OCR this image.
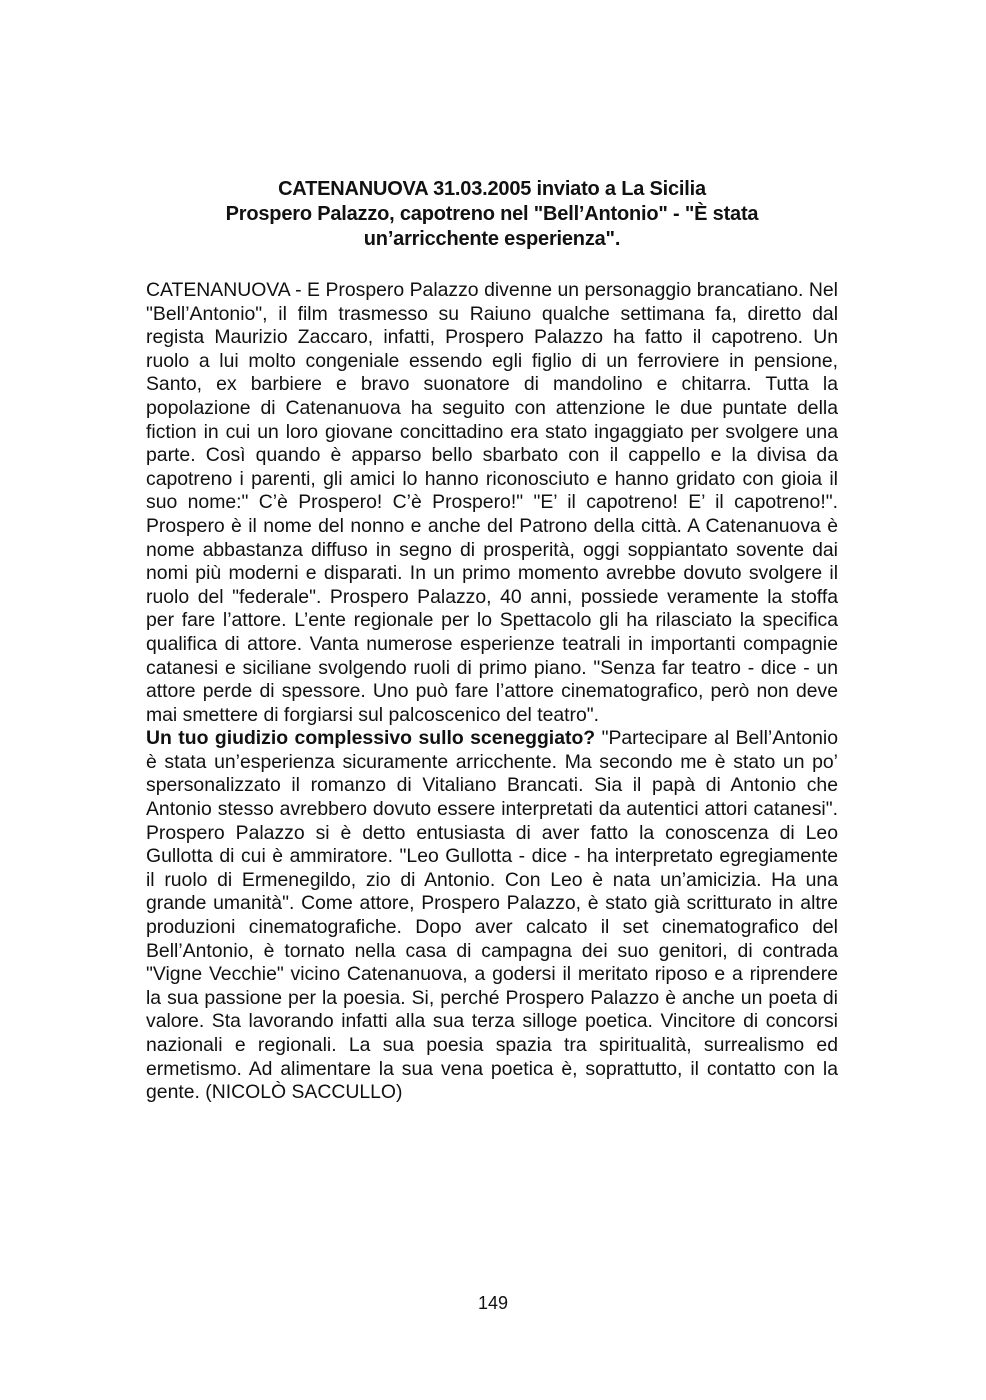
CATENANUOVA 31.03.2005 inviato a La Sicilia
Prospero Palazzo, capotreno nel "Bell’Antonio" - "È stata
un’arricchente esperienza".

CATENANUOVA - E Prospero Palazzo divenne un personaggio brancatiano. Nel "Bell’Antonio", il film trasmesso su Raiuno qualche settimana fa, diretto dal regista Maurizio Zaccaro, infatti, Prospero Palazzo ha fatto il capotreno. Un ruolo a lui molto congeniale essendo egli figlio di un ferroviere in pensione, Santo, ex barbiere e bravo suonatore di mandolino e chitarra. Tutta la popolazione di Catenanuova ha seguito con attenzione le due puntate della fiction in cui un loro giovane concittadino era stato ingaggiato per svolgere una parte. Così quando è apparso bello sbarbato con il cappello e la divisa da capotreno i parenti, gli amici lo hanno riconosciuto e hanno gridato con gioia il suo nome:" C’è Prospero! C’è Prospero!" "E’ il capotreno! E’ il capotreno!". Prospero è il nome del nonno e anche del Patrono della città. A Catenanuova è nome abbastanza diffuso in segno di prosperità, oggi soppiantato sovente dai nomi più moderni e disparati. In un primo momento avrebbe dovuto svolgere il ruolo del "federale". Prospero Palazzo, 40 anni, possiede veramente la stoffa per fare l’attore. L’ente regionale per lo Spettacolo gli ha rilasciato la specifica qualifica di attore. Vanta numerose esperienze teatrali in importanti compagnie catanesi e siciliane svolgendo ruoli di primo piano. "Senza far teatro - dice - un attore perde di spessore. Uno può fare l’attore cinematografico, però non deve mai smettere di forgiarsi sul palcoscenico del teatro".

Un tuo giudizio complessivo sullo sceneggiato? "Partecipare al Bell’Antonio è stata un’esperienza sicuramente arricchente. Ma secondo me è stato un po’ spersonalizzato il romanzo di Vitaliano Brancati. Sia il papà di Antonio che Antonio stesso avrebbero dovuto essere interpretati da autentici attori catanesi". Prospero Palazzo si è detto entusiasta di aver fatto la conoscenza di Leo Gullotta di cui è ammiratore. "Leo Gullotta - dice - ha interpretato egregiamente il ruolo di Ermenegildo, zio di Antonio. Con Leo è nata un’amicizia. Ha una grande umanità". Come attore, Prospero Palazzo, è stato già scritturato in altre produzioni cinematografiche. Dopo aver calcato il set cinematografico del Bell’Antonio, è tornato nella casa di campagna dei suo genitori, di contrada "Vigne Vecchie" vicino Catenanuova, a godersi il meritato riposo e a riprendere la sua passione per la poesia. Si, perché Prospero Palazzo è anche un poeta di valore. Sta lavorando infatti alla sua terza silloge poetica. Vincitore di concorsi nazionali e regionali. La sua poesia spazia tra spiritualità, surrealismo ed ermetismo. Ad alimentare la sua vena poetica è, soprattutto, il contatto con la gente. (NICOLÒ SACCULLO)

149
